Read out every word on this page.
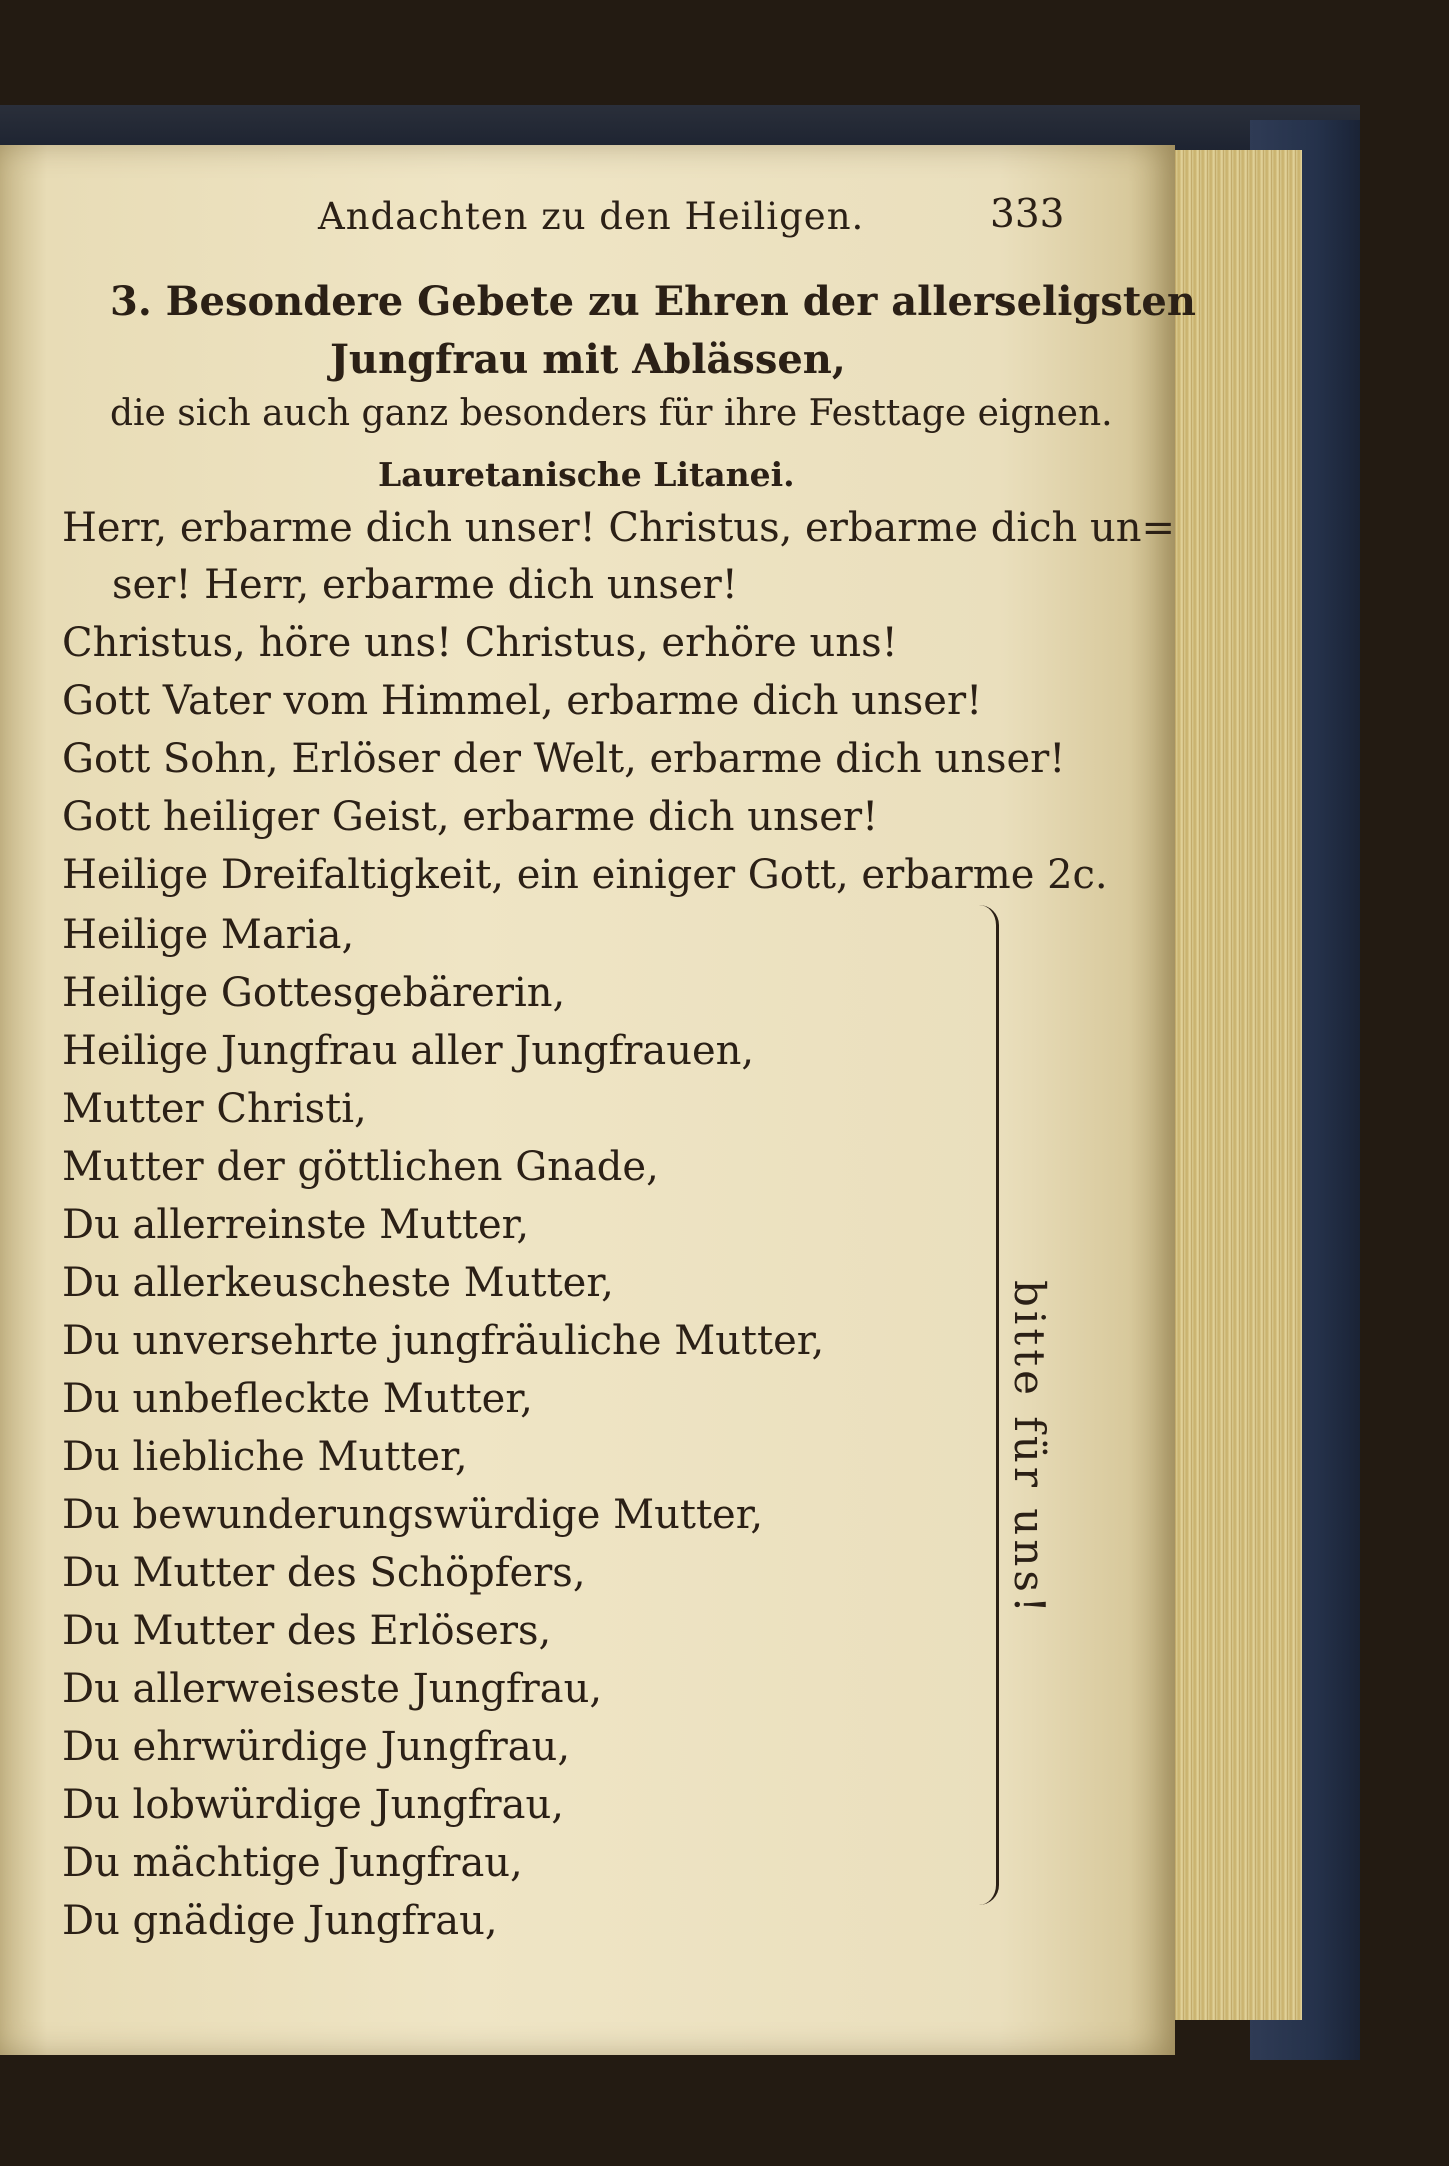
Andachten zu den Heiligen.	333
3. Besondere Gebete zu Ehren der allerseligsten
Jungfrau mit Ablässen,
die sich auch ganz besonders für ihre Festtage eignen.
Lauretanische Litanei.
Herr, erbarme dich unser! Christus, erbarme dich un=
ser! Herr, erbarme dich unser!
Christus, höre uns! Christus, erhöre uns!
Gott Vater vom Himmel, erbarme dich unser!
Gott Sohn, Erlöser der Welt, erbarme dich unser!
Gott heiliger Geist, erbarme dich unser!
Heilige Dreifaltigkeit, ein einiger Gott, erbarme 2c.
Heilige Maria,
Heilige Gottesgebärerin,
Heilige Jungfrau aller Jungfrauen,
Mutter Christi,
Mutter der göttlichen Gnade,
Du allerreinste Mutter,
Du allerkeuscheste Mutter,
Du unversehrte jungfräuliche Mutter,
Du unbefleckte Mutter,
Du liebliche Mutter,
Du bewunderungswürdige Mutter,
Du Mutter des Schöpfers,
Du Mutter des Erlösers,
Du allerweiseste Jungfrau,
Du ehrwürdige Jungfrau,
Du lobwürdige Jungfrau,
Du mächtige Jungfrau,
Du gnädige Jungfrau,
bitte für uns!
